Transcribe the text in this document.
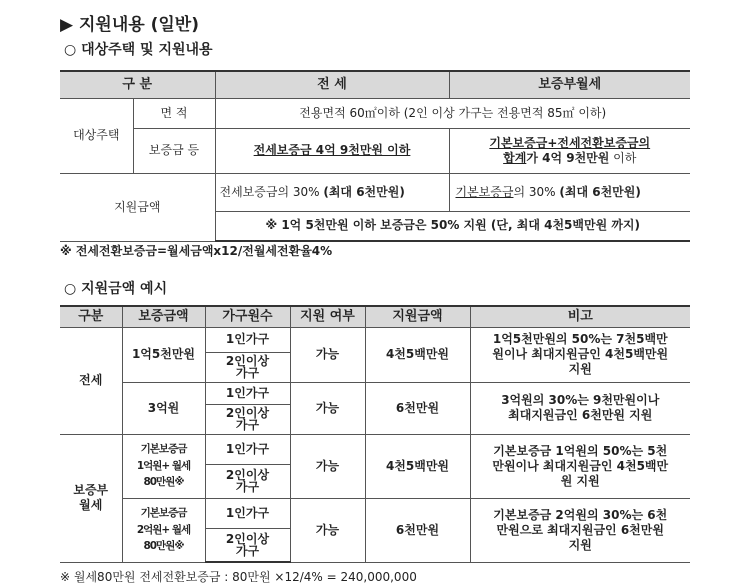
▶ 지원내용 (일반)
○ 대상주택 및 지원내용
구 분		전 세	보증부월세
대상주택	면 적	전용면적 60㎡이하 (2인 이상 가구는 전용면적 85㎡ 이하)	
	보증금 등	전세보증금 4억 9천만원 이하	기본보증금+전세전환보증금의
합계가 4억 9천만원 이하
지원금액		전세보증금의 30% (최대 6천만원)	기본보증금의 30% (최대 6천만원)
		※ 1억 5천만원 이하 보증금은 50% 지원 (단, 최대 4천5백만원 까지)	
※ 전세전환보증금=월세금액x12/전월세전환율4%
○ 지원금액 예시
구분	보증금액	가구원수	지원 여부	지원금액	비고
전세	1억5천만원	1인가구	가능	4천5백만원	1억5천만원의 50%는 7천5백만원이나 최대지원금인 4천5백만원 지원
		2인이상 가구			
	3억원	1인가구	가능	6천만원	3억원의 30%는 9천만원이나 최대지원금인 6천만원 지원
		2인이상 가구			
보증부 월세	기본보증금 1억원+ 월세 80만원※	1인가구	가능	4천5백만원	기본보증금 1억원의 50%는 5천만원이나 최대지원금인 4천5백만원 지원
		2인이상 가구			
	기본보증금 2억원+ 월세 80만원※	1인가구	가능	6천만원	기본보증금 2억원의 30%는 6천만원으로 최대지원금인 6천만원 지원
		2인이상 가구			
※ 월세80만원 전세전환보증금 : 80만원 ×12/4% = 240,000,000
